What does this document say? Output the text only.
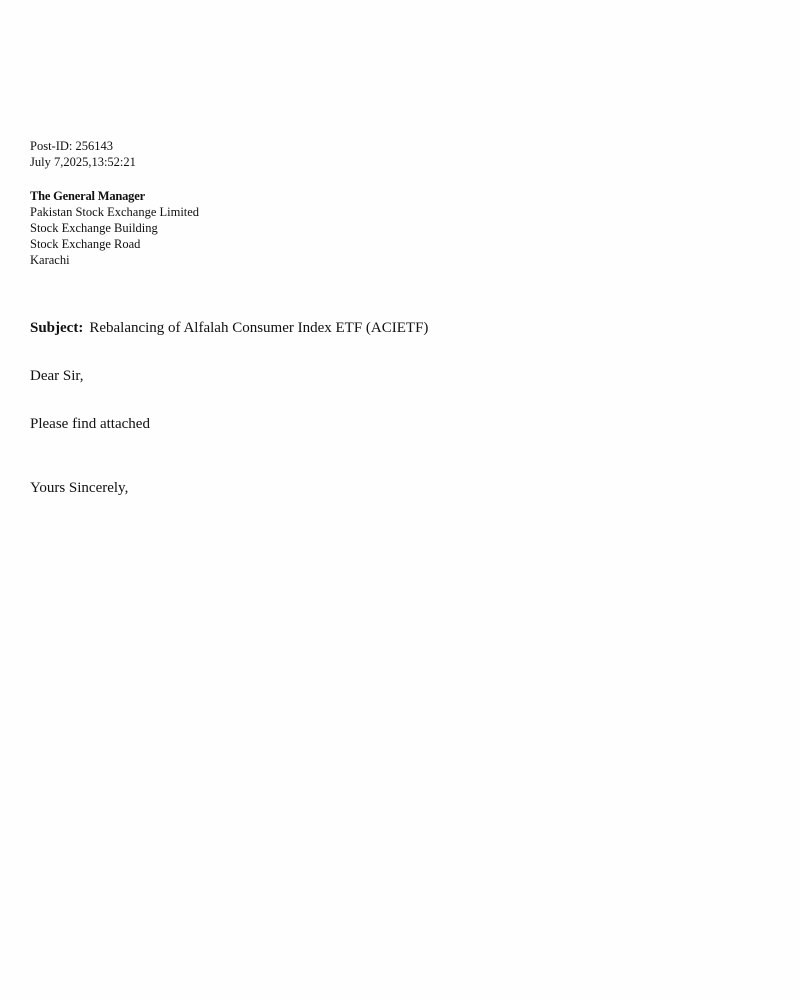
Post-ID: 256143
July 7,2025,13:52:21
The General Manager
Pakistan Stock Exchange Limited
Stock Exchange Building
Stock Exchange Road
Karachi
Subject: Rebalancing of Alfalah Consumer Index ETF (ACIETF)
Dear Sir,
Please find attached
Yours Sincerely,
